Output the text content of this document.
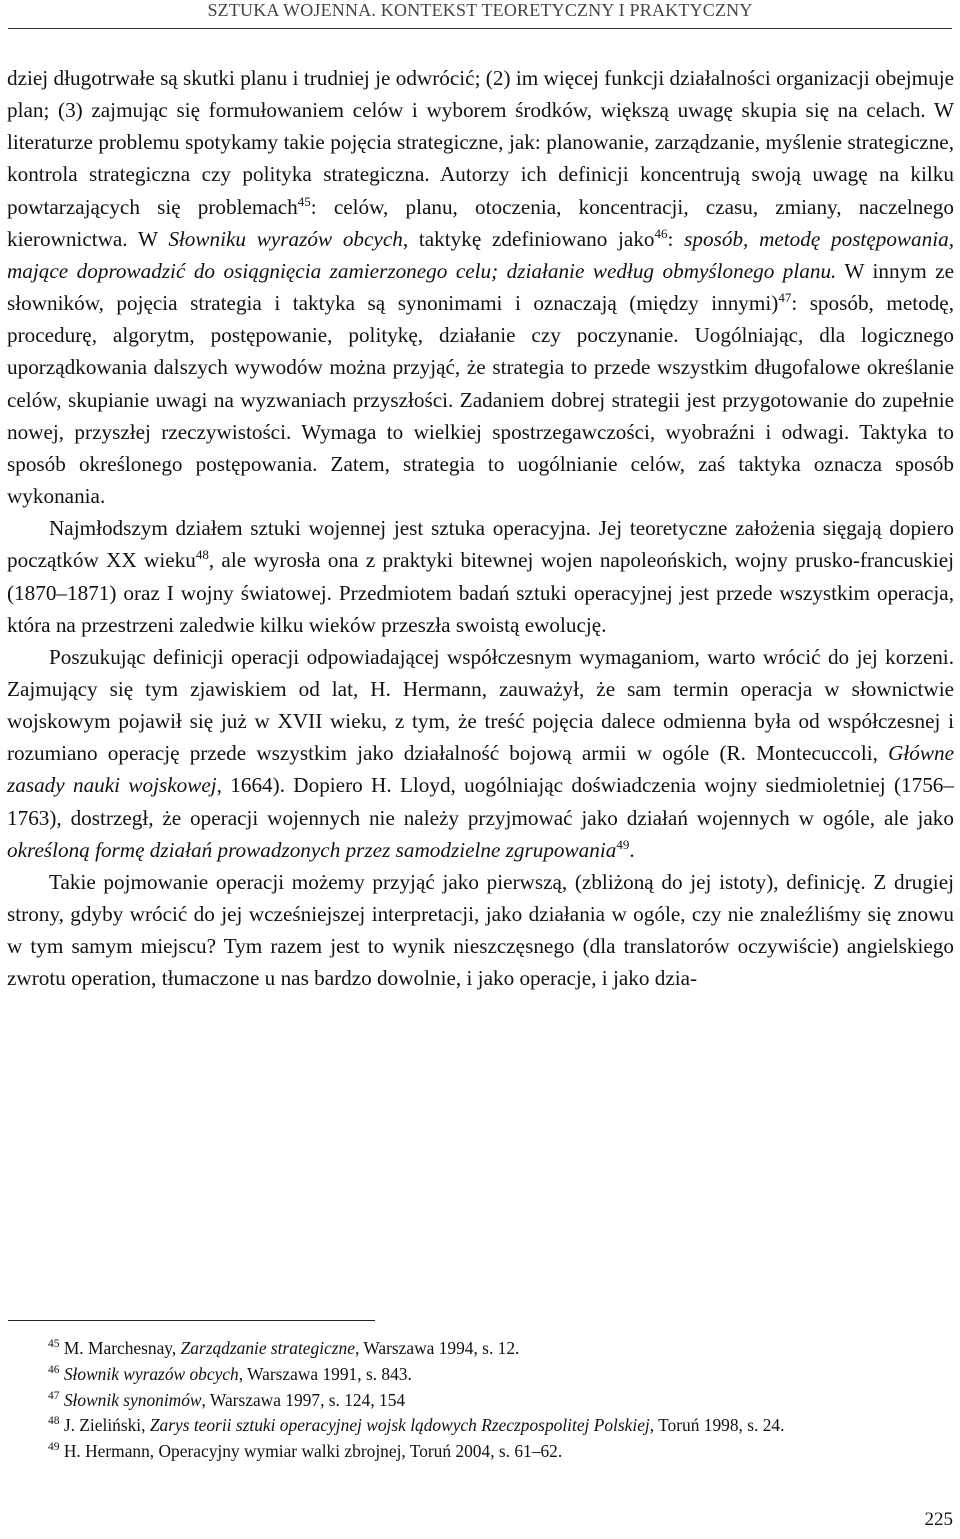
SZTUKA WOJENNA. KONTEKST TEORETYCZNY I PRAKTYCZNY

dziej długotrwałe są skutki planu i trudniej je odwrócić; (2) im więcej funkcji działalności organizacji obejmuje plan; (3) zajmując się formułowaniem celów i wyborem środków, większą uwagę skupia się na celach. W literaturze problemu spotykamy takie pojęcia strategiczne, jak: planowanie, zarządzanie, myślenie strategiczne, kontrola strategiczna czy polityka strategiczna. Autorzy ich definicji koncentrują swoją uwagę na kilku powtarzających się problemach$^{45}$: celów, planu, otoczenia, koncentracji, czasu, zmiany, naczelnego kierownictwa. W Słowniku wyrazów obcych, taktykę zdefiniowano jako$^{46}$: sposób, metodę postępowania, mające doprowadzić do osiągnięcia zamierzonego celu; działanie według obmyślonego planu. W innym ze słowników, pojęcia strategia i taktyka są synonimami i oznaczają (między innymi)$^{47}$: sposób, metodę, procedurę, algorytm, postępowanie, politykę, działanie czy poczynanie. Uogólniając, dla logicznego uporządkowania dalszych wywodów można przyjąć, że strategia to przede wszystkim długofalowe określanie celów, skupianie uwagi na wyzwaniach przyszłości. Zadaniem dobrej strategii jest przygotowanie do zupełnie nowej, przyszłej rzeczywistości. Wymaga to wielkiej spostrzegawczości, wyobraźni i odwagi. Taktyka to sposób określonego postępowania. Zatem, strategia to uogólnianie celów, zaś taktyka oznacza sposób wykonania.

Najmłodszym działem sztuki wojennej jest sztuka operacyjna. Jej teoretyczne założenia sięgają dopiero początków XX wieku$^{48}$, ale wyrosła ona z praktyki bitewnej wojen napoleońskich, wojny prusko-francuskiej (1870–1871) oraz I wojny światowej. Przedmiotem badań sztuki operacyjnej jest przede wszystkim operacja, która na przestrzeni zaledwie kilku wieków przeszła swoistą ewolucję.

Poszukując definicji operacji odpowiadającej współczesnym wymaganiom, warto wrócić do jej korzeni. Zajmujący się tym zjawiskiem od lat, H. Hermann, zauważył, że sam termin operacja w słownictwie wojskowym pojawił się już w XVII wieku, z tym, że treść pojęcia dalece odmienna była od współczesnej i rozumiano operację przede wszystkim jako działalność bojową armii w ogóle (R. Montecuccoli, Główne zasady nauki wojskowej, 1664). Dopiero H. Lloyd, uogólniając doświadczenia wojny siedmioletniej (1756–1763), dostrzegł, że operacji wojennych nie należy przyjmować jako działań wojennych w ogóle, ale jako określoną formę działań prowadzonych przez samodzielne zgrupowania$^{49}$.

Takie pojmowanie operacji możemy przyjąć jako pierwszą, (zbliżoną do jej istoty), definicję. Z drugiej strony, gdyby wrócić do jej wcześniejszej interpretacji, jako działania w ogóle, czy nie znaleźliśmy się znowu w tym samym miejscu? Tym razem jest to wynik nieszczęsnego (dla translatorów oczywiście) angielskiego zwrotu operation, tłumaczone u nas bardzo dowolnie, i jako operacje, i jako dzia-

$^{45}$ M. Marchesnay, Zarządzanie strategiczne, Warszawa 1994, s. 12.

$^{46}$ Słownik wyrazów obcych, Warszawa 1991, s. 843.

$^{47}$ Słownik synonimów, Warszawa 1997, s. 124, 154

$^{48}$ J. Zieliński, Zarys teorii sztuki operacyjnej wojsk lądowych Rzeczpospolitej Polskiej, Toruń 1998, s. 24.

$^{49}$ H. Hermann, Operacyjny wymiar walki zbrojnej, Toruń 2004, s. 61–62.

225
